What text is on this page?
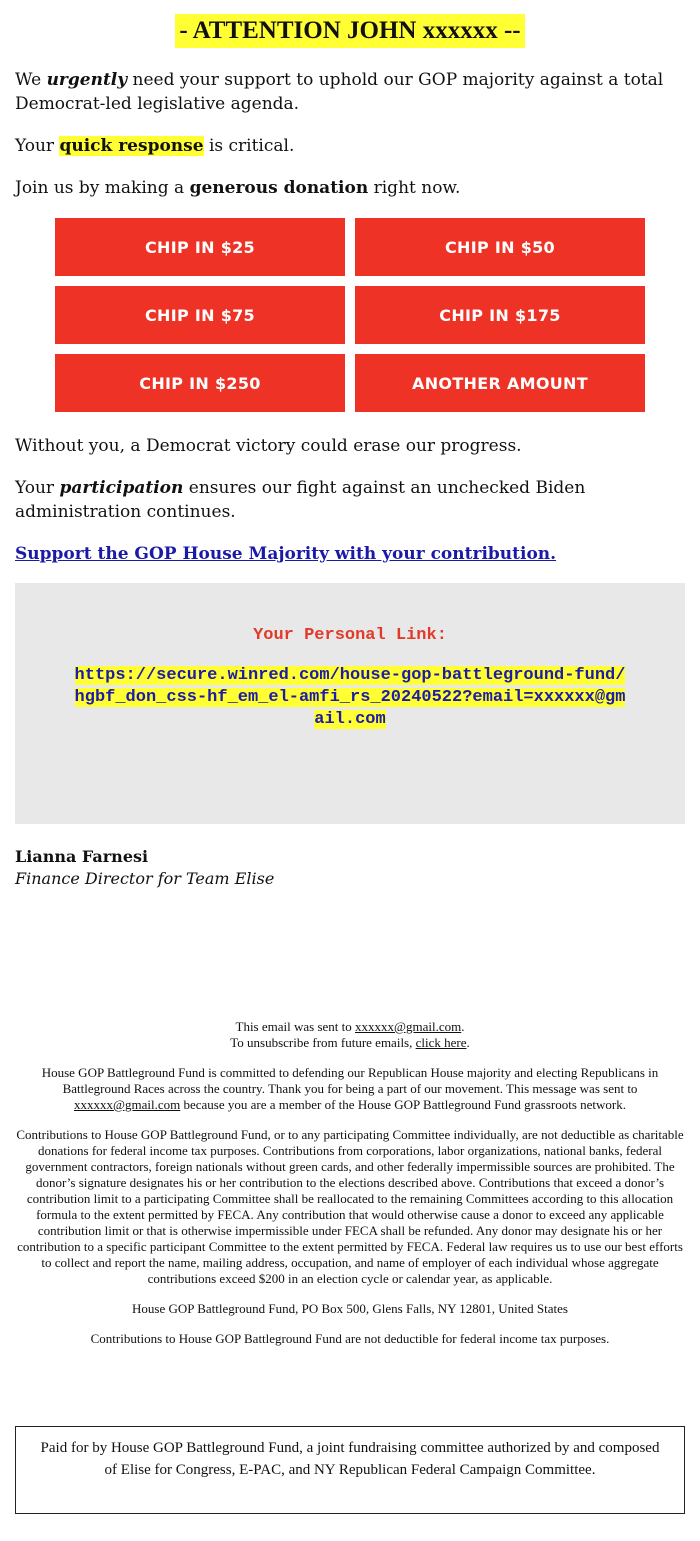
- ATTENTION JOHN xxxxxx --

We urgently need your support to uphold our GOP majority against a total Democrat-led legislative agenda.

Your quick response is critical.

Join us by making a generous donation right now.

CHIP IN $25	CHIP IN $50
CHIP IN $75	CHIP IN $175
CHIP IN $250	ANOTHER AMOUNT

Without you, a Democrat victory could erase our progress.

Your participation ensures our fight against an unchecked Biden administration continues.

Support the GOP House Majority with your contribution.
Your Personal Link:
https://secure.winred.com/house-gop-battleground-fund/hgbf_don_css-hf_em_el-amfi_rs_20240522?email=xxxxxx@gmail.com
Lianna Farnesi
Finance Director for Team Elise

This email was sent to xxxxxx@gmail.com.
To unsubscribe from future emails, click here.

House GOP Battleground Fund is committed to defending our Republican House majority and electing Republicans in Battleground Races across the country. Thank you for being a part of our movement. This message was sent to xxxxxx@gmail.com because you are a member of the House GOP Battleground Fund grassroots network.

Contributions to House GOP Battleground Fund, or to any participating Committee individually, are not deductible as charitable donations for federal income tax purposes. Contributions from corporations, labor organizations, national banks, federal government contractors, foreign nationals without green cards, and other federally impermissible sources are prohibited. The donor’s signature designates his or her contribution to the elections described above. Contributions that exceed a donor’s contribution limit to a participating Committee shall be reallocated to the remaining Committees according to this allocation formula to the extent permitted by FECA. Any contribution that would otherwise cause a donor to exceed any applicable contribution limit or that is otherwise impermissible under FECA shall be refunded. Any donor may designate his or her contribution to a specific participant Committee to the extent permitted by FECA. Federal law requires us to use our best efforts to collect and report the name, mailing address, occupation, and name of employer of each individual whose aggregate contributions exceed $200 in an election cycle or calendar year, as applicable.

House GOP Battleground Fund, PO Box 500, Glens Falls, NY 12801, United States

Contributions to House GOP Battleground Fund are not deductible for federal income tax purposes.

Paid for by House GOP Battleground Fund, a joint fundraising committee authorized by and composed of Elise for Congress, E-PAC, and NY Republican Federal Campaign Committee.
